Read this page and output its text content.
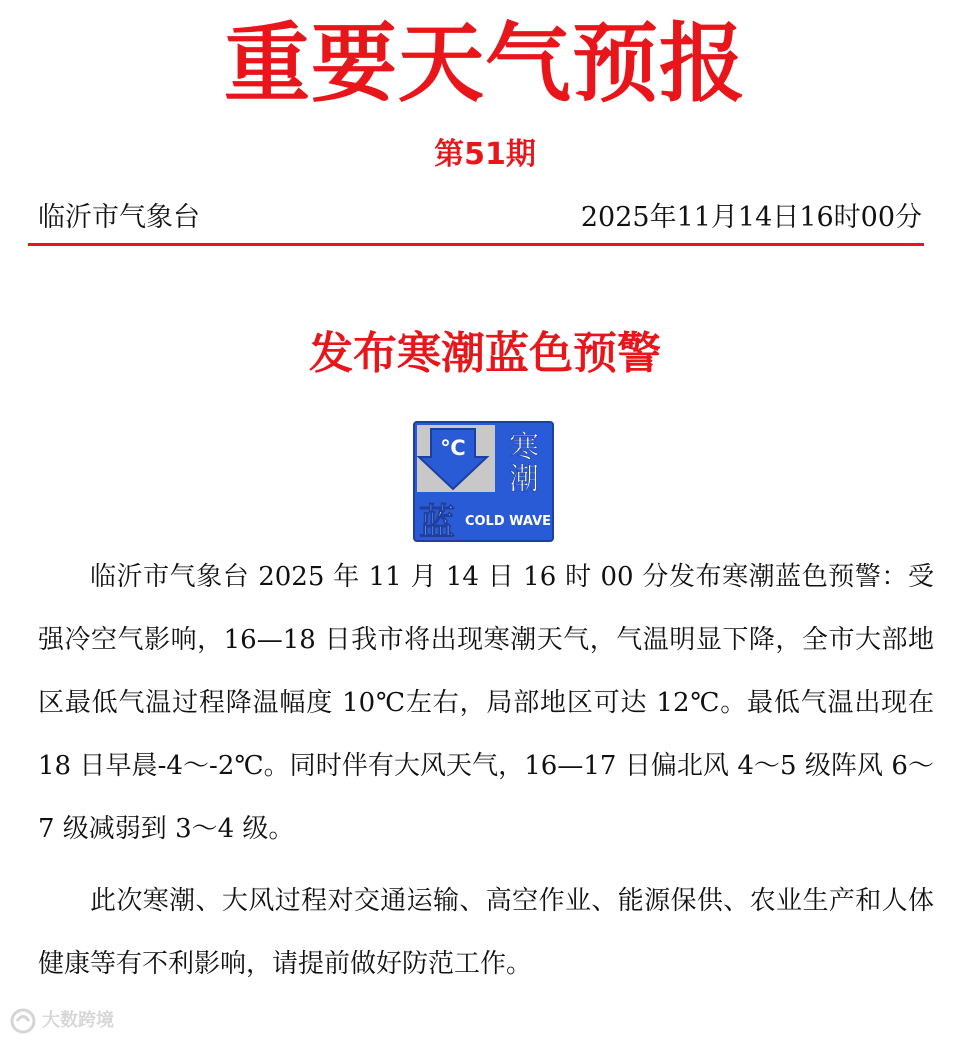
重要天气预报
第51期
临沂市气象台	2025年11月14日16时00分
发布寒潮蓝色预警
℃ 寒
潮
蓝 COLD WAVE

临沂市气象台 2025 年 11 月 14 日 16 时 00 分发布寒潮蓝色预警：受强冷空气影响，16—18 日我市将出现寒潮天气，气温明显下降，全市大部地区最低气温过程降温幅度 10℃左右，局部地区可达 12℃。最低气温出现在 18 日早晨-4～-2℃。同时伴有大风天气，16—17 日偏北风 4～5 级阵风 6～7 级减弱到 3～4 级。

此次寒潮、大风过程对交通运输、高空作业、能源保供、农业生产和人体健康等有不利影响，请提前做好防范工作。

大数跨境
